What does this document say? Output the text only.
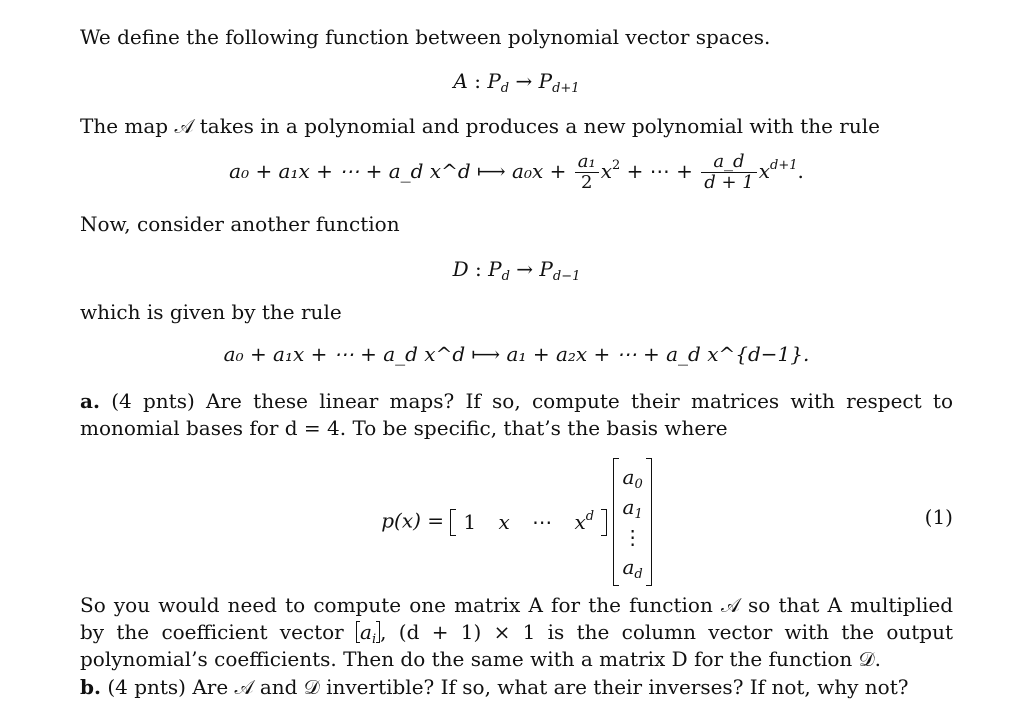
We define the following function between polynomial vector spaces.
A : $P_d \to P_{d+1}$
The map 𝒜 takes in a polynomial and produces a new polynomial with the rule
a₀ + a₁x + ⋯ + a_d x^d ⟼ $a_0x + \frac{\text{a₁}}{2} x^2$ + ⋯ + $\frac{a\_d}{d + 1} x^{d+1}$.
Now, consider another function
D : $P_d \to P_{d-1}$
which is given by the rule
a₀ + a₁x + ⋯ + a_d x^d ⟼ a₁ + a₂x + ⋯ + a_d x^{d−1}.
a. (4 pnts) Are these linear maps? If so, compute their matrices with respect to monomial bases for d = 4. To be specific, that’s the basis where
p(x) = 1 x ⋯ $x^d$
$a_0$
$a_1$
⋮
$a_d$
(1)
So you would need to compute one matrix A for the function 𝒜 so that A multiplied by the coefficient vector $a_i$ , (d + 1) × 1 is the column vector with the output polynomial’s coefficients. Then do the same with a matrix D for the function 𝒟.
b. (4 pnts) Are 𝒜 and 𝒟 invertible? If so, what are their inverses? If not, why not?
